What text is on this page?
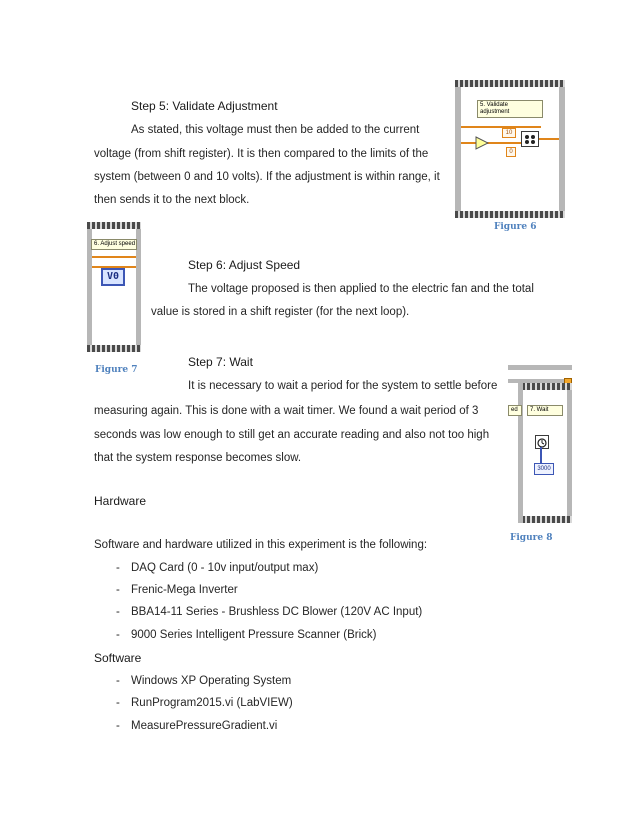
Step 5: Validate Adjustment
As stated, this voltage must then be added to the current
voltage (from shift register). It is then compared to the limits of the
system (between 0 and 10 volts). If the adjustment is within range, it
then sends it to the next block.
5. Validate
adjustment
10
0
Figure 6
6. Adjust speed
V0
Figure 7
Step 6: Adjust Speed
The voltage proposed is then applied to the electric fan and the total
value is stored in a shift register (for the next loop).
Step 7: Wait
It is necessary to wait a period for the system to settle before
measuring again. This is done with a wait timer. We found a wait period of 3
seconds was low enough to still get an accurate reading and also not too high
that the system response becomes slow.
ed	7. Wait
3000
Figure 8
Hardware
Software and hardware utilized in this experiment is the following:
- DAQ Card (0 - 10v input/output max)
- Frenic-Mega Inverter
- BBA14-11 Series - Brushless DC Blower (120V AC Input)
- 9000 Series Intelligent Pressure Scanner (Brick)
Software
- Windows XP Operating System
- RunProgram2015.vi (LabVIEW)
- MeasurePressureGradient.vi
